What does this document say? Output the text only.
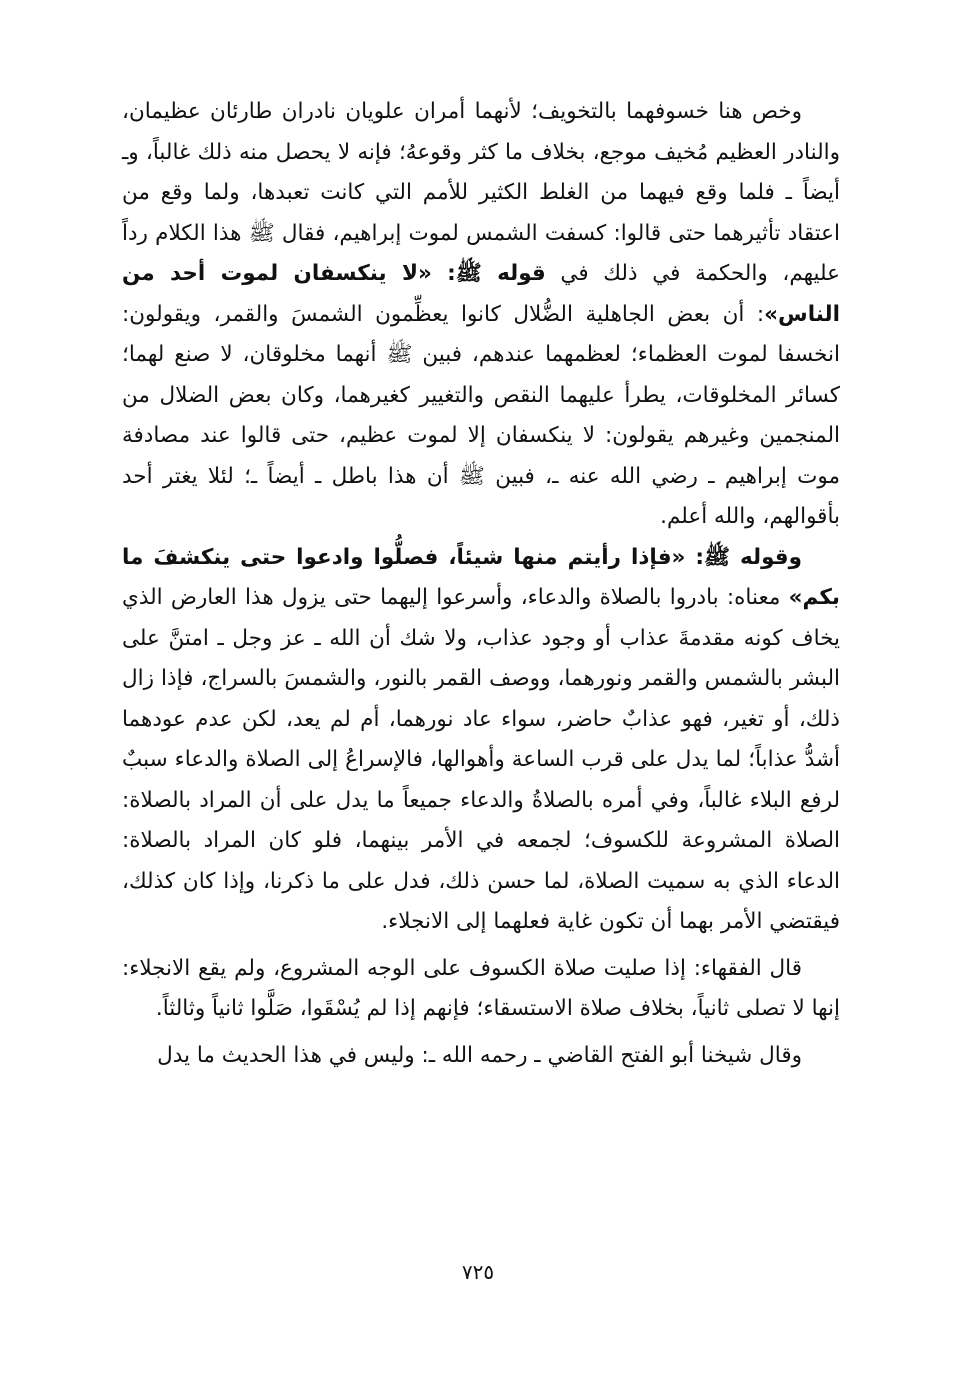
وخص هنا خسوفهما بالتخويف؛ لأنهما أمران علويان نادران طارئان عظيمان، والنادر العظيم مُخيف موجع، بخلاف ما كثر وقوعهُ؛ فإنه لا يحصل منه ذلك غالباً، وـ أيضاً ـ فلما وقع فيهما من الغلط الكثير للأمم التي كانت تعبدها، ولما وقع من اعتقاد تأثيرهما حتى قالوا: كسفت الشمس لموت إبراهيم، فقال ﷺ هذا الكلام رداً عليهم، والحكمة في ذلك في قوله ﷺ: «لا ينكسفان لموت أحد من الناس»: أن بعض الجاهلية الضُّلال كانوا يعظِّمون الشمسَ والقمر، ويقولون: انخسفا لموت العظماء؛ لعظمهما عندهم، فبين ﷺ أنهما مخلوقان، لا صنع لهما؛ كسائر المخلوقات، يطرأ عليهما النقص والتغيير كغيرهما، وكان بعض الضلال من المنجمين وغيرهم يقولون: لا ينكسفان إلا لموت عظيم، حتى قالوا عند مصادفة موت إبراهيم ـ رضي الله عنه ـ، فبين ﷺ أن هذا باطل ـ أيضاً ـ؛ لئلا يغتر أحد بأقوالهم، والله أعلم.

وقوله ﷺ: «فإذا رأيتم منها شيئاً، فصلُّوا وادعوا حتى ينكشفَ ما بكم» معناه: بادروا بالصلاة والدعاء، وأسرعوا إليهما حتى يزول هذا العارض الذي يخاف كونه مقدمةَ عذاب أو وجود عذاب، ولا شك أن الله ـ عز وجل ـ امتنَّ على البشر بالشمس والقمر ونورهما، ووصف القمر بالنور، والشمسَ بالسراج، فإذا زال ذلك، أو تغير، فهو عذابٌ حاضر، سواء عاد نورهما، أم لم يعد، لكن عدم عودهما أشدُّ عذاباً؛ لما يدل على قرب الساعة وأهوالها، فالإسراعُ إلى الصلاة والدعاء سببٌ لرفع البلاء غالباً، وفي أمره بالصلاةُ والدعاء جميعاً ما يدل على أن المراد بالصلاة: الصلاة المشروعة للكسوف؛ لجمعه في الأمر بينهما، فلو كان المراد بالصلاة: الدعاء الذي به سميت الصلاة، لما حسن ذلك، فدل على ما ذكرنا، وإذا كان كذلك، فيقتضي الأمر بهما أن تكون غاية فعلهما إلى الانجلاء.

قال الفقهاء: إذا صليت صلاة الكسوف على الوجه المشروع، ولم يقع الانجلاء: إنها لا تصلى ثانياً، بخلاف صلاة الاستسقاء؛ فإنهم إذا لم يُسْقَوا، صَلَّوا ثانياً وثالثاً.

وقال شيخنا أبو الفتح القاضي ـ رحمه الله ـ: وليس في هذا الحديث ما يدل

٧٢٥
